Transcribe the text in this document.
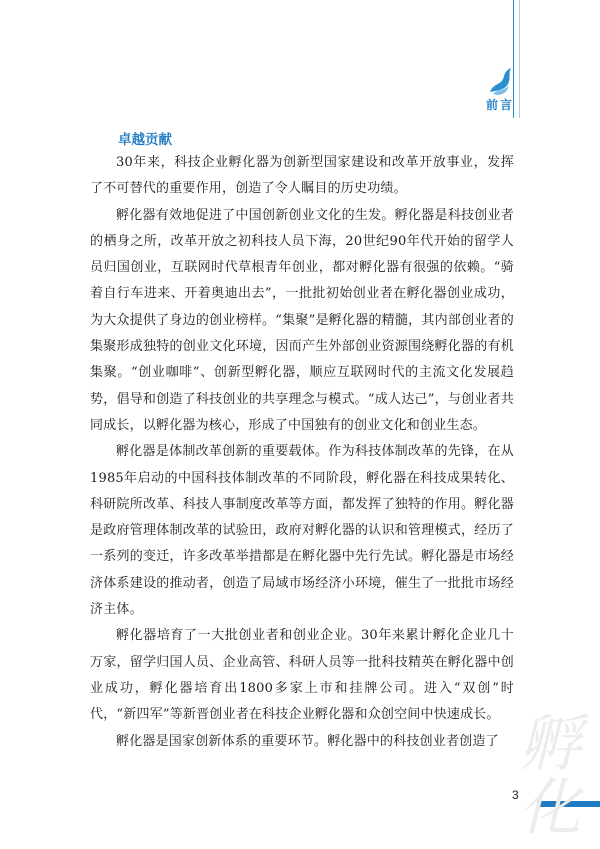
前言
卓越贡献

30年来，科技企业孵化器为创新型国家建设和改革开放事业，发挥了不可替代的重要作用，创造了令人瞩目的历史功绩。

孵化器有效地促进了中国创新创业文化的生发。孵化器是科技创业者的栖身之所，改革开放之初科技人员下海，20世纪90年代开始的留学人员归国创业，互联网时代草根青年创业，都对孵化器有很强的依赖。“骑着自行车进来、开着奥迪出去”，一批批初始创业者在孵化器创业成功，为大众提供了身边的创业榜样。“集聚”是孵化器的精髓，其内部创业者的集聚形成独特的创业文化环境，因而产生外部创业资源围绕孵化器的有机集聚。“创业咖啡”、创新型孵化器，顺应互联网时代的主流文化发展趋势，倡导和创造了科技创业的共享理念与模式。“成人达己”，与创业者共同成长，以孵化器为核心，形成了中国独有的创业文化和创业生态。

孵化器是体制改革创新的重要载体。作为科技体制改革的先锋，在从1985年启动的中国科技体制改革的不同阶段，孵化器在科技成果转化、科研院所改革、科技人事制度改革等方面，都发挥了独特的作用。孵化器是政府管理体制改革的试验田，政府对孵化器的认识和管理模式，经历了一系列的变迁，许多改革举措都是在孵化器中先行先试。孵化器是市场经济体系建设的推动者，创造了局域市场经济小环境，催生了一批批市场经济主体。

孵化器培育了一大批创业者和创业企业。30年来累计孵化企业几十万家，留学归国人员、企业高管、科研人员等一批科技精英在孵化器中创业成功，孵化器培育出1800多家上市和挂牌公司。进入“双创”时代，“新四军”等新晋创业者在科技企业孵化器和众创空间中快速成长。

孵化器是国家创新体系的重要环节。孵化器中的科技创业者创造了

3
孵化
